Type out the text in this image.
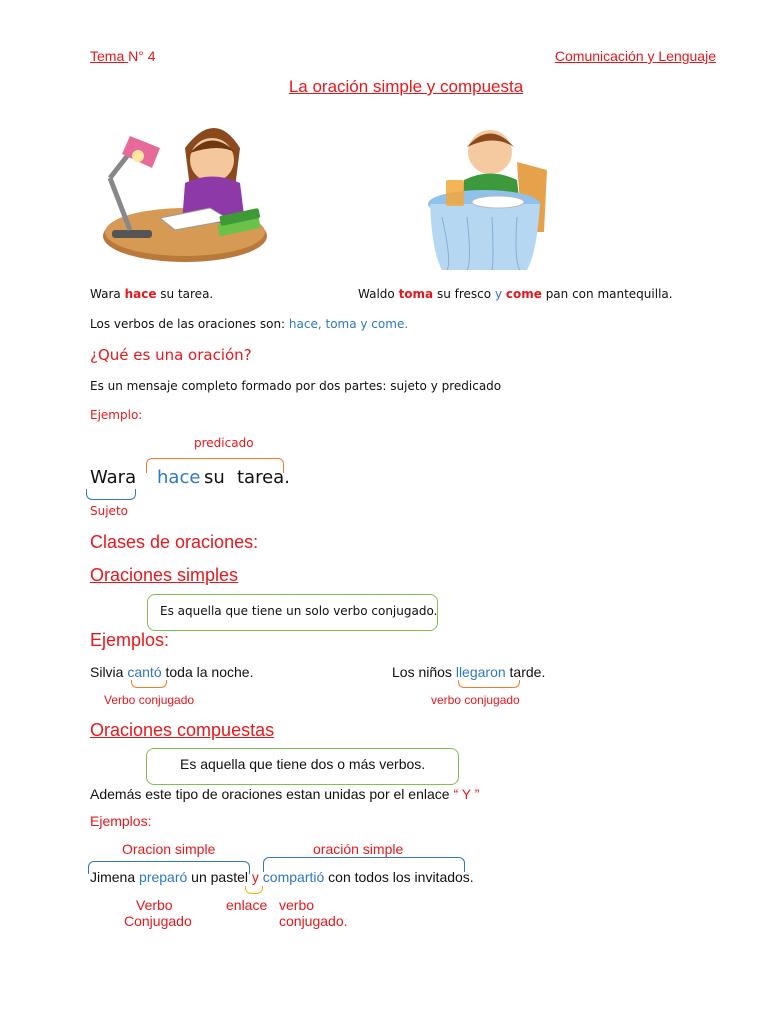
Tema N° 4	Comunicación y Lenguaje
La oración simple y compuesta
Wara hace su tarea.	Waldo toma su fresco y come pan con mantequilla.
Los verbos de las oraciones son: hace, toma y come.
¿Qué es una oración?
Es un mensaje completo formado por dos partes: sujeto y predicado
Ejemplo:
predicado
Wara hace su tarea.
Sujeto
Clases de oraciones:
Oraciones simples
Es aquella que tiene un solo verbo conjugado.
Ejemplos:
Silvia cantó toda la noche.
Verbo conjugado
Los niños llegaron tarde.
verbo conjugado
Oraciones compuestas
Es aquella que tiene dos o más verbos.
Además este tipo de oraciones estan unidas por el enlace “ Y ”
Ejemplos:
Oracion simple	oración simple
Jimena preparó un pastel y compartió con todos los invitados.
Verbo
Conjugado
enlace verbo
conjugado.
